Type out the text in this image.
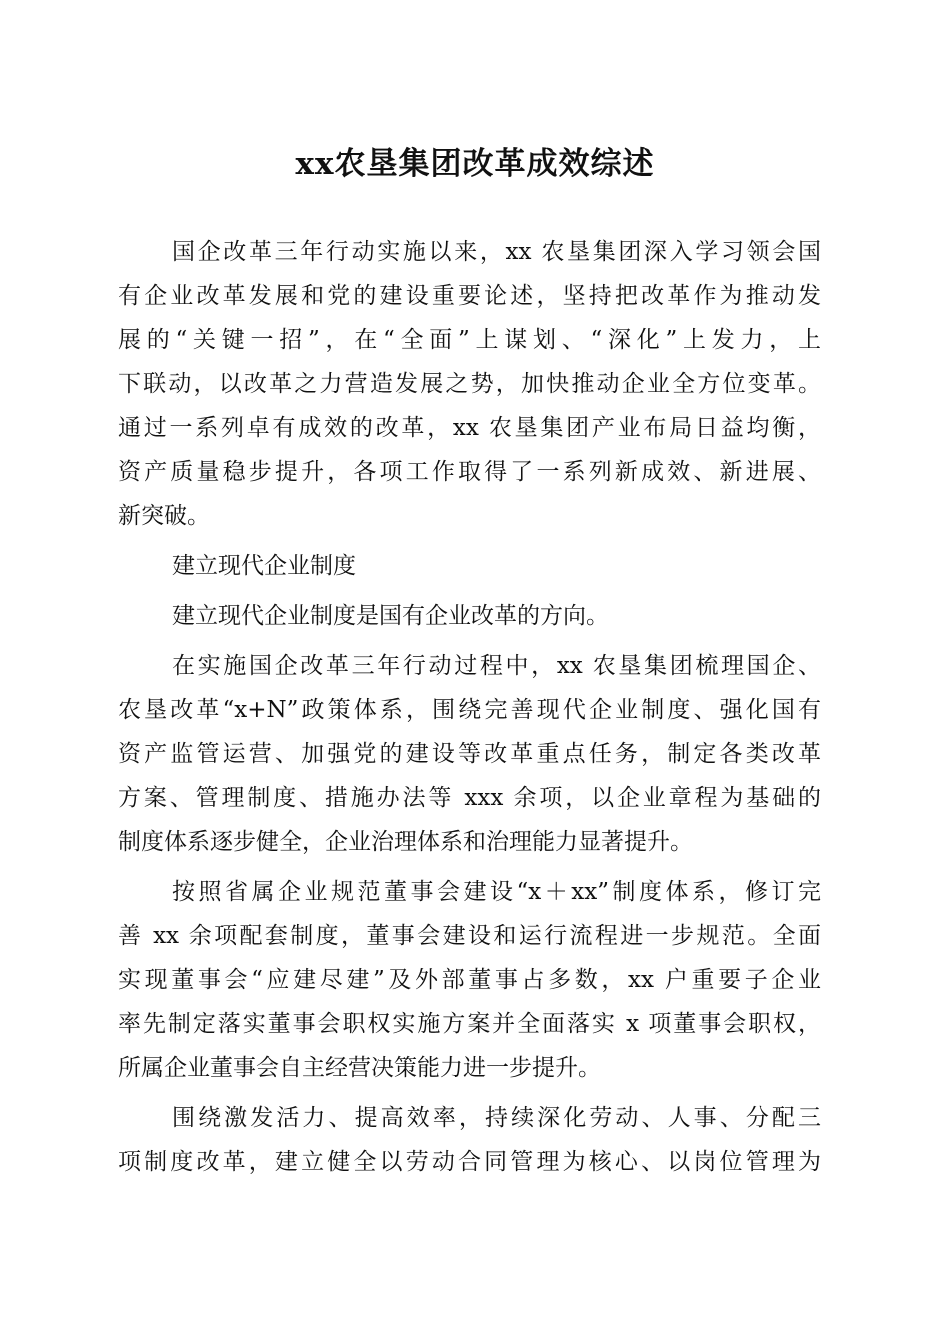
xx农垦集团改革成效综述
国企改革三年行动实施以来，xx 农垦集团深入学习领会国
有企业改革发展和党的建设重要论述，坚持把改革作为推动发
展的“关键一招”，在“全面”上谋划、“深化”上发力，上
下联动，以改革之力营造发展之势，加快推动企业全方位变革。
通过一系列卓有成效的改革，xx 农垦集团产业布局日益均衡，
资产质量稳步提升，各项工作取得了一系列新成效、新进展、
新突破。
建立现代企业制度
建立现代企业制度是国有企业改革的方向。
在实施国企改革三年行动过程中，xx 农垦集团梳理国企、
农垦改革“x+N”政策体系，围绕完善现代企业制度、强化国有
资产监管运营、加强党的建设等改革重点任务，制定各类改革
方案、管理制度、措施办法等 xxx 余项，以企业章程为基础的
制度体系逐步健全，企业治理体系和治理能力显著提升。
按照省属企业规范董事会建设“x＋xx”制度体系，修订完
善 xx 余项配套制度，董事会建设和运行流程进一步规范。全面
实现董事会“应建尽建”及外部董事占多数，xx 户重要子企业
率先制定落实董事会职权实施方案并全面落实 x 项董事会职权，
所属企业董事会自主经营决策能力进一步提升。
围绕激发活力、提高效率，持续深化劳动、人事、分配三
项制度改革，建立健全以劳动合同管理为核心、以岗位管理为
